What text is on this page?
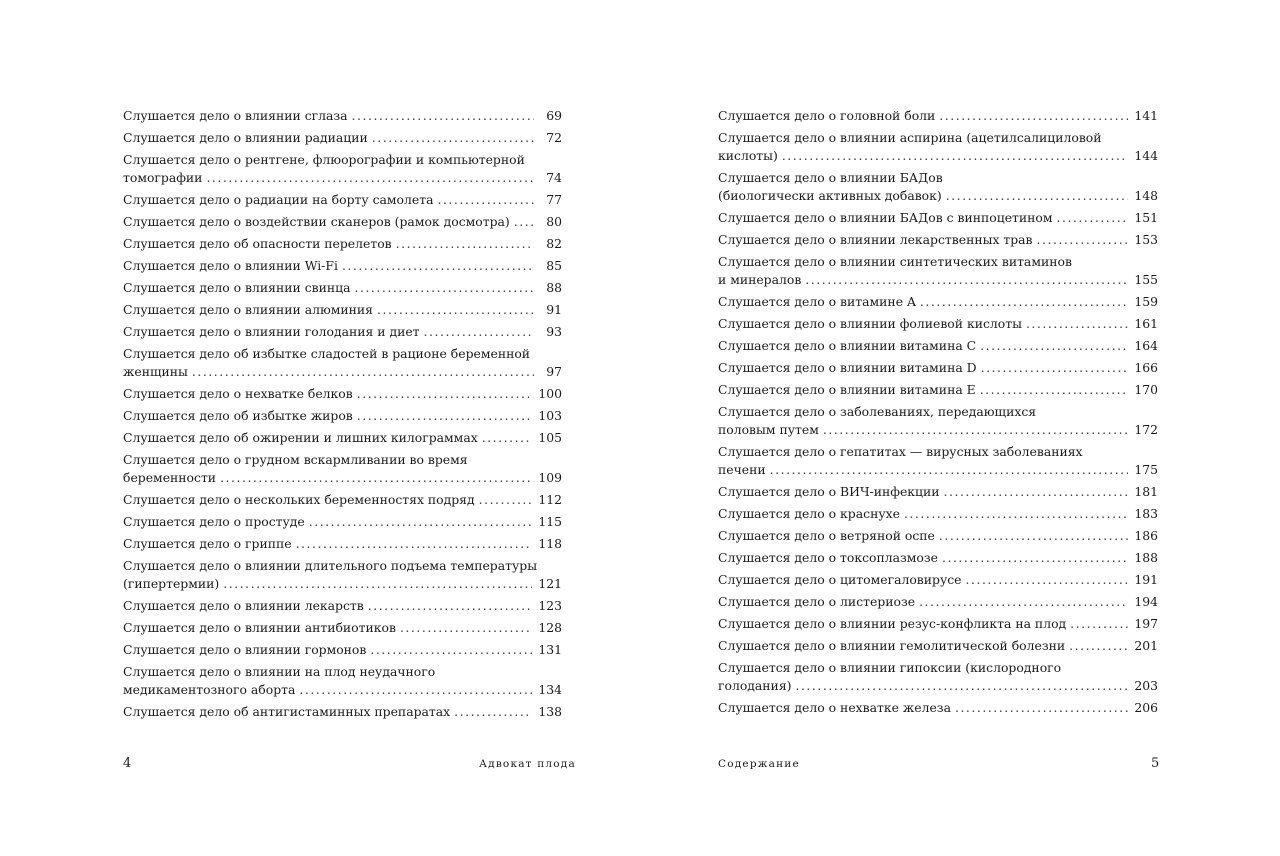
Слушается дело о влиянии сглаза . . .	69
Слушается дело о влиянии радиации . . .	72
Слушается дело о рентгене, флюорографии и компьютерной
томографии . . .	74
Слушается дело о радиации на борту самолета . . .	77
Слушается дело о воздействии сканеров (рамок досмотра) . . .	80
Слушается дело об опасности перелетов . . .	82
Слушается дело о влиянии Wi-Fi . . .	85
Слушается дело о влиянии свинца . . .	88
Слушается дело о влиянии алюминия . . .	91
Слушается дело о влиянии голодания и диет . . .	93
Слушается дело об избытке сладостей в рационе беременной
женщины . . .	97
Слушается дело о нехватке белков . . .	100
Слушается дело об избытке жиров . . .	103
Слушается дело об ожирении и лишних килограммах . . .	105
Слушается дело о грудном вскармливании во время
беременности . . .	109
Слушается дело о нескольких беременностях подряд . . .	112
Слушается дело о простуде . . .	115
Слушается дело о гриппе . . .	118
Слушается дело о влиянии длительного подъема температуры
(гипертермии) . . .	121
Слушается дело о влиянии лекарств . . .	123
Слушается дело о влиянии антибиотиков . . .	128
Слушается дело о влиянии гормонов . . .	131
Слушается дело о влиянии на плод неудачного
медикаментозного аборта . . .	134
Слушается дело об антигистаминных препаратах . . .	138
Слушается дело о головной боли . . .	141
Слушается дело о влиянии аспирина (ацетилсалициловой
кислоты) . . .	144
Слушается дело о влиянии БАДов
(биологически активных добавок) . . .	148
Слушается дело о влиянии БАДов с винпоцетином . . .	151
Слушается дело о влиянии лекарственных трав . . .	153
Слушается дело о влиянии синтетических витаминов
и минералов . . .	155
Слушается дело о витамине A . . .	159
Слушается дело о влиянии фолиевой кислоты . . .	161
Слушается дело о влиянии витамина C . . .	164
Слушается дело о влиянии витамина D . . .	166
Слушается дело о влиянии витамина E . . .	170
Слушается дело о заболеваниях, передающихся
половым путем . . .	172
Слушается дело о гепатитах — вирусных заболеваниях
печени . . .	175
Слушается дело о ВИЧ-инфекции . . .	181
Слушается дело о краснухе . . .	183
Слушается дело о ветряной оспе . . .	186
Слушается дело о токсоплазмозе . . .	188
Слушается дело о цитомегаловирусе . . .	191
Слушается дело о листериозе . . .	194
Слушается дело о влиянии резус-конфликта на плод . . .	197
Слушается дело о влиянии гемолитической болезни . . .	201
Слушается дело о влиянии гипоксии (кислородного
голодания) . . .	203
Слушается дело о нехватке железа . . .	206
4	Адвокат плода	Содержание	5
